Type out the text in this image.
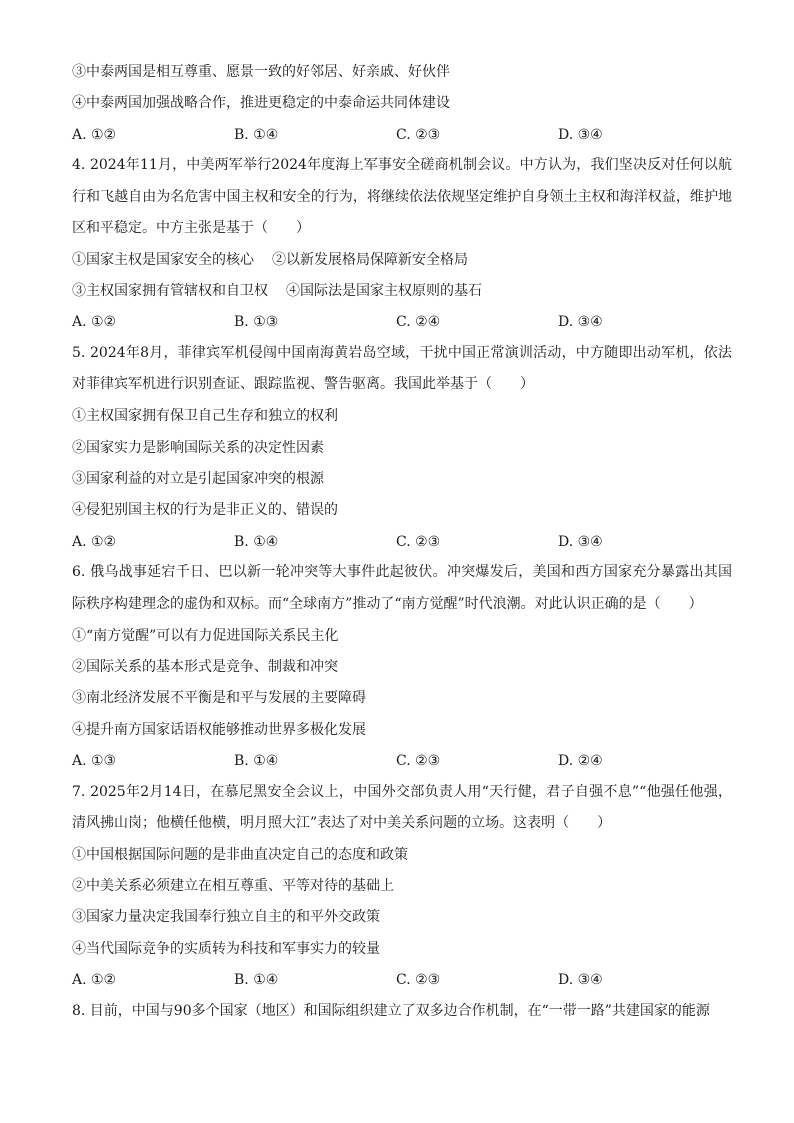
③中泰两国是相互尊重、愿景一致的好邻居、好亲戚、好伙伴
④中泰两国加强战略合作，推进更稳定的中泰命运共同体建设
A. ①②	B. ①④	C. ②③	D. ③④
4. 2024年11月，中美两军举行2024年度海上军事安全磋商机制会议。中方认为，我们坚决反对任何以航行和飞越自由为名危害中国主权和安全的行为，将继续依法依规坚定维护自身领土主权和海洋权益，维护地区和平稳定。中方主张是基于（　　）
①国家主权是国家安全的核心 ②以新发展格局保障新安全格局
③主权国家拥有管辖权和自卫权 ④国际法是国家主权原则的基石
A. ①②	B. ①③	C. ②④	D. ③④
5. 2024年8月，菲律宾军机侵闯中国南海黄岩岛空域，干扰中国正常演训活动，中方随即出动军机，依法对菲律宾军机进行识别查证、跟踪监视、警告驱离。我国此举基于（　　）
①主权国家拥有保卫自己生存和独立的权利
②国家实力是影响国际关系的决定性因素
③国家利益的对立是引起国家冲突的根源
④侵犯别国主权的行为是非正义的、错误的
A. ①②	B. ①④	C. ②③	D. ③④
6. 俄乌战事延宕千日、巴以新一轮冲突等大事件此起彼伏。冲突爆发后，美国和西方国家充分暴露出其国际秩序构建理念的虚伪和双标。而“全球南方”推动了“南方觉醒”时代浪潮。对此认识正确的是（　　）
①“南方觉醒”可以有力促进国际关系民主化
②国际关系的基本形式是竞争、制裁和冲突
③南北经济发展不平衡是和平与发展的主要障碍
④提升南方国家话语权能够推动世界多极化发展
A. ①③	B. ①④	C. ②③	D. ②④
7. 2025年2月14日，在慕尼黑安全会议上，中国外交部负责人用“天行健，君子自强不息”“他强任他强，清风拂山岗；他横任他横，明月照大江”表达了对中美关系问题的立场。这表明（　　）
①中国根据国际问题的是非曲直决定自己的态度和政策
②中美关系必须建立在相互尊重、平等对待的基础上
③国家力量决定我国奉行独立自主的和平外交政策
④当代国际竞争的实质转为科技和军事实力的较量
A. ①②	B. ①④	C. ②③	D. ③④
8. 目前，中国与90多个国家（地区）和国际组织建立了双多边合作机制，在“一带一路”共建国家的能源
